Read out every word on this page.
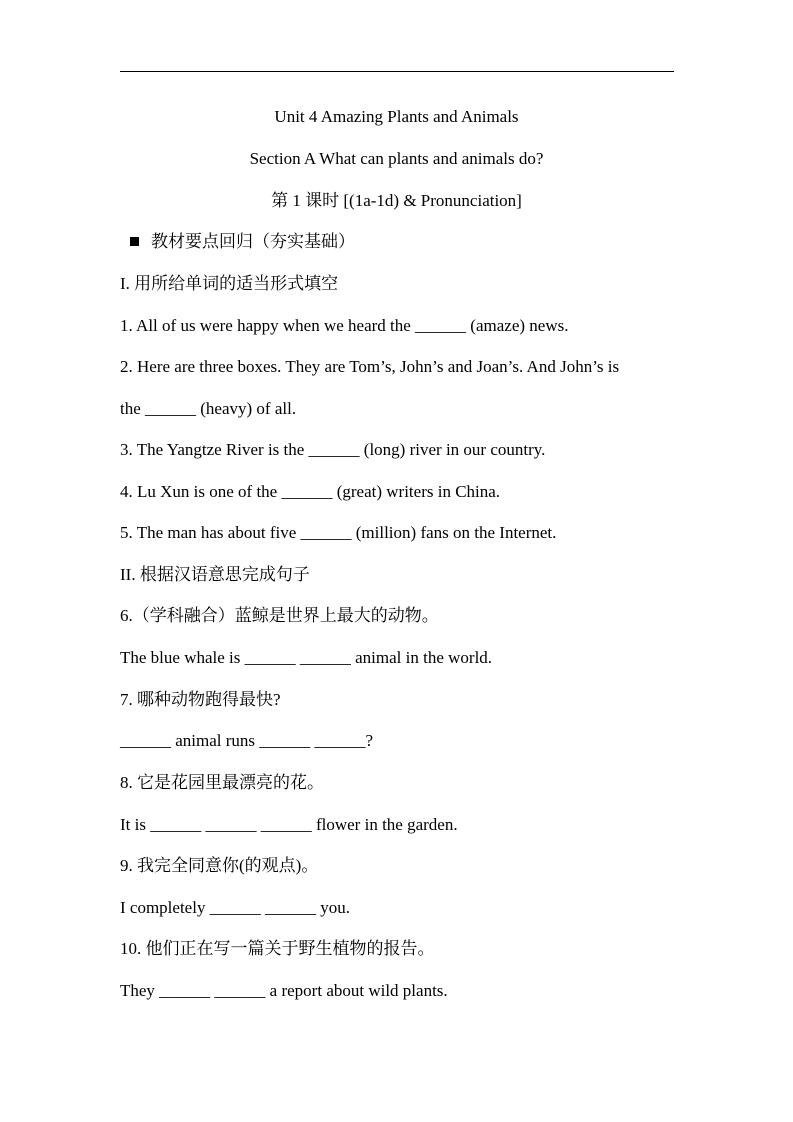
Unit 4 Amazing Plants and Animals
Section A What can plants and animals do?
第 1 课时 [(1a-1d) & Pronunciation]
教材要点回归（夯实基础）
I. 用所给单词的适当形式填空
1. All of us were happy when we heard the ______ (amaze) news.
2. Here are three boxes. They are Tom’s, John’s and Joan’s. And John’s is
the ______ (heavy) of all.
3. The Yangtze River is the ______ (long) river in our country.
4. Lu Xun is one of the ______ (great) writers in China.
5. The man has about five ______ (million) fans on the Internet.
II. 根据汉语意思完成句子
6.（学科融合）蓝鲸是世界上最大的动物。
The blue whale is ______ ______ animal in the world.
7. 哪种动物跑得最快?
______ animal runs ______ ______?
8. 它是花园里最漂亮的花。
It is ______ ______ ______ flower in the garden.
9. 我完全同意你(的观点)。
I completely ______ ______ you.
10. 他们正在写一篇关于野生植物的报告。
They ______ ______ a report about wild plants.
